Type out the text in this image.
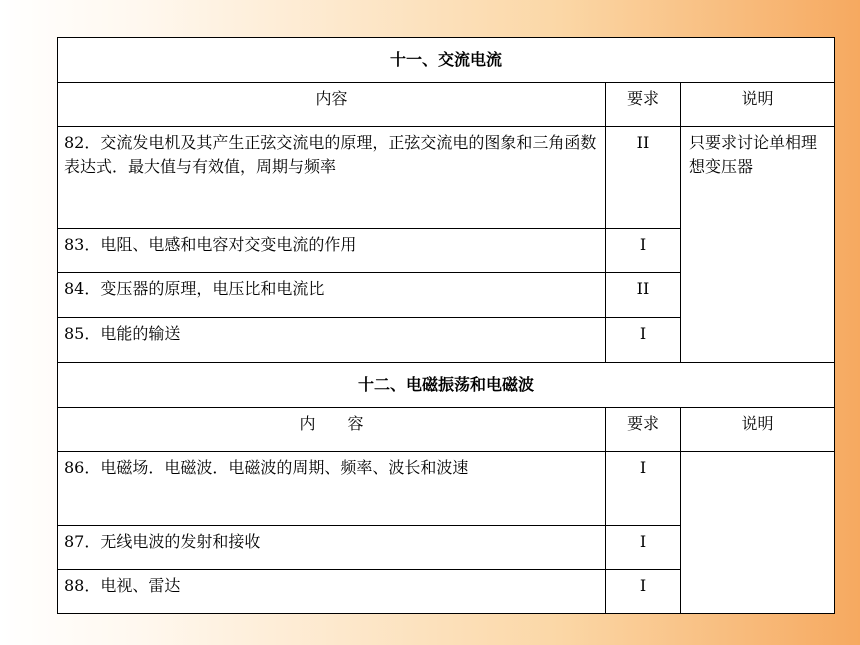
十一、交流电流		
内容	要求	说明
82．交流发电机及其产生正弦交流电的原理，正弦交流电的图象和三角函数表达式．最大值与有效值，周期与频率	II	只要求讨论单相理想变压器
83．电阻、电感和电容对交变电流的作用	I	
84．变压器的原理，电压比和电流比	II	
85．电能的输送	I	
十二、电磁振荡和电磁波		
内　　容	要求	说明
86．电磁场．电磁波．电磁波的周期、频率、波长和波速	I	
87．无线电波的发射和接收	I	
88．电视、雷达	I	
